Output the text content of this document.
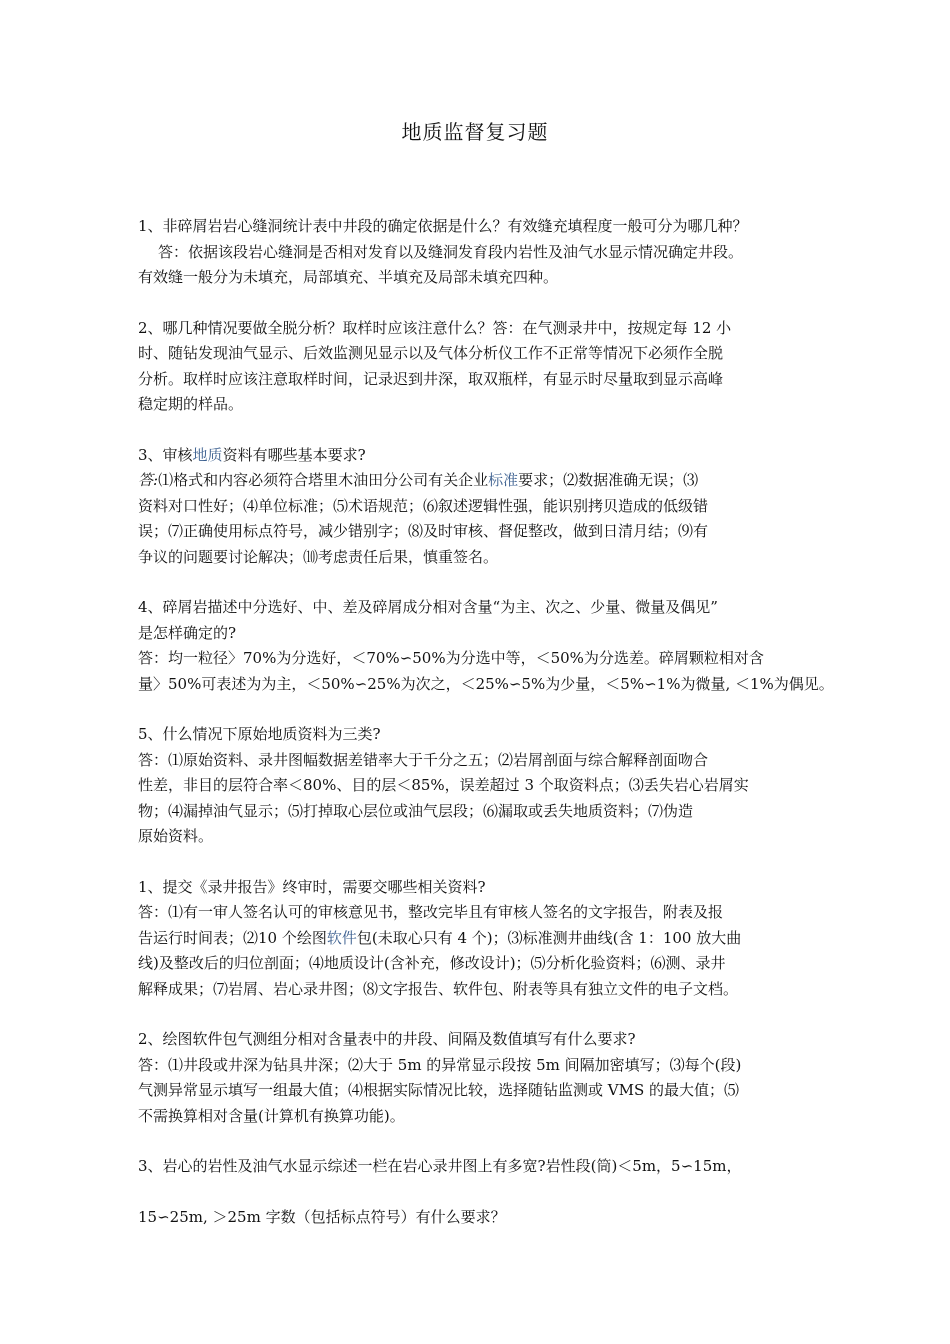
地质监督复习题
1、非碎屑岩岩心缝洞统计表中井段的确定依据是什么？有效缝充填程度一般可分为哪几种？
答：依据该段岩心缝洞是否相对发育以及缝洞发育段内岩性及油气水显示情况确定井段。
有效缝一般分为未填充，局部填充、半填充及局部未填充四种。
2、哪几种情况要做全脱分析？取样时应该注意什么？答：在气测录井中，按规定每 12 小
时、随钻发现油气显示、后效监测见显示以及气体分析仪工作不正常等情况下必须作全脱
分析。取样时应该注意取样时间，记录迟到井深，取双瓶样，有显示时尽量取到显示高峰
稳定期的样品。
3、审核地质资料有哪些基本要求?
答:⑴格式和内容必须符合塔里木油田分公司有关企业标准要求；⑵数据准确无误；⑶
资料对口性好；⑷单位标准；⑸术语规范；⑹叙述逻辑性强，能识别拷贝造成的低级错
误；⑺正确使用标点符号，减少错别字；⑻及时审核、督促整改，做到日清月结；⑼有
争议的问题要讨论解决；⑽考虑责任后果，慎重签名。
4、碎屑岩描述中分选好、中、差及碎屑成分相对含量“为主、次之、少量、微量及偶见”
是怎样确定的?
答：均一粒径〉70%为分选好，＜70%∽50%为分选中等，＜50%为分选差。碎屑颗粒相对含
量〉50%可表述为为主，＜50%∽25%为次之，＜25%∽5%为少量，＜5%∽1%为微量, ＜1%为偶见。
5、什么情况下原始地质资料为三类?
答：⑴原始资料、录井图幅数据差错率大于千分之五；⑵岩屑剖面与综合解释剖面吻合
性差，非目的层符合率＜80%、目的层＜85%，误差超过 3 个取资料点；⑶丢失岩心岩屑实
物；⑷漏掉油气显示；⑸打掉取心层位或油气层段；⑹漏取或丢失地质资料；⑺伪造
原始资料。
1、提交《录井报告》终审时，需要交哪些相关资料?
答：⑴有一审人签名认可的审核意见书，整改完毕且有审核人签名的文字报告，附表及报
告运行时间表；⑵10 个绘图软件包(未取心只有 4 个)；⑶标准测井曲线(含 1：100 放大曲
线)及整改后的归位剖面；⑷地质设计(含补充，修改设计)；⑸分析化验资料；⑹测、录井
解释成果；⑺岩屑、岩心录井图；⑻文字报告、软件包、附表等具有独立文件的电子文档。
2、绘图软件包气测组分相对含量表中的井段、间隔及数值填写有什么要求?
答：⑴井段或井深为钻具井深；⑵大于 5m 的异常显示段按 5m 间隔加密填写；⑶每个(段)
气测异常显示填写一组最大值；⑷根据实际情况比较，选择随钻监测或 VMS 的最大值；⑸
不需换算相对含量(计算机有换算功能)。
3、岩心的岩性及油气水显示综述一栏在岩心录井图上有多宽?岩性段(筒)＜5m，5∽15m，
15∽25m, ＞25m 字数（包括标点符号）有什么要求？
